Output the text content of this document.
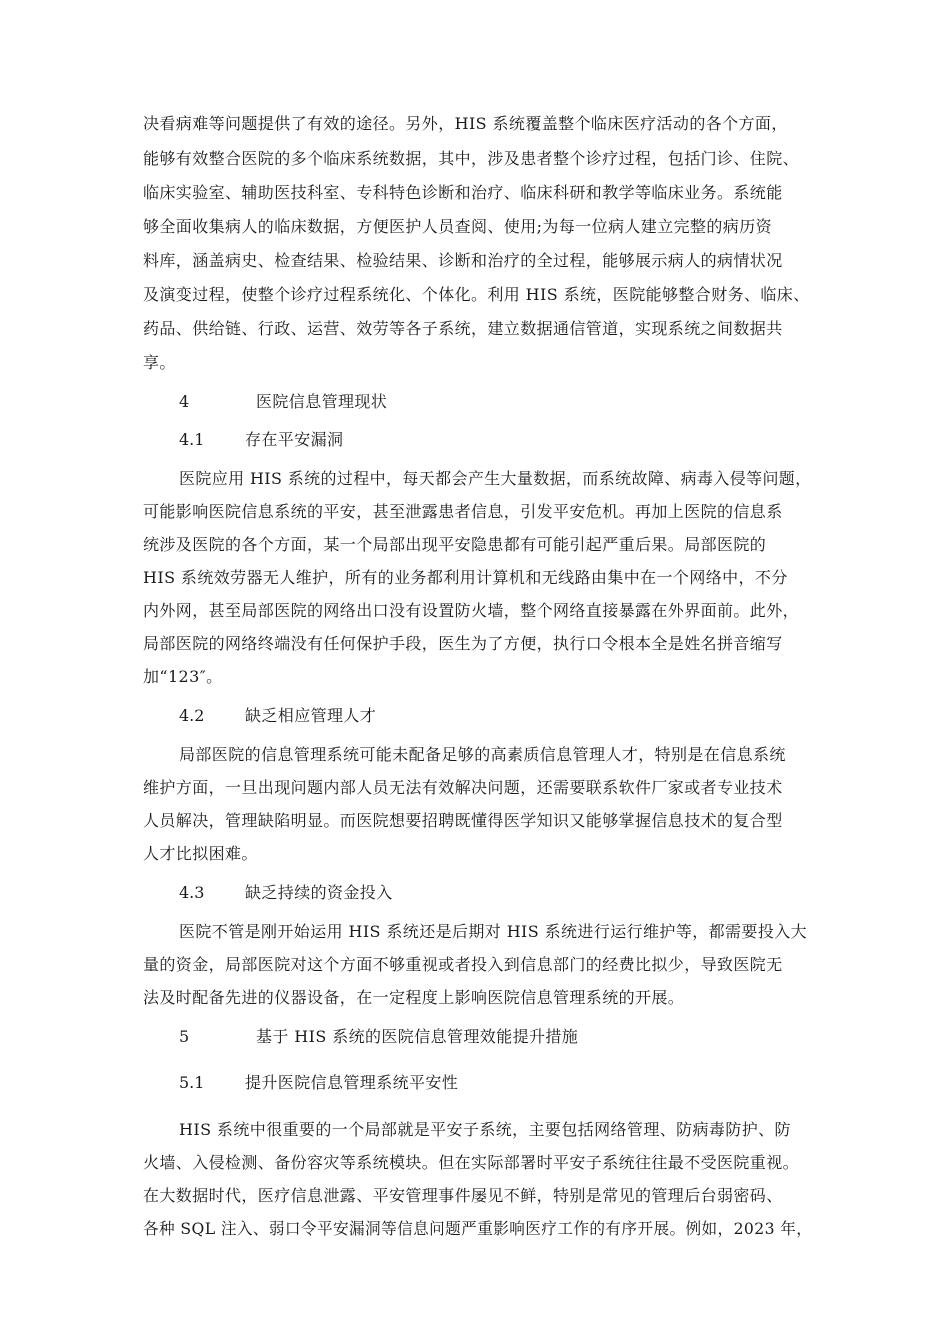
决看病难等问题提供了有效的途径。另外，HIS 系统覆盖整个临床医疗活动的各个方面，
能够有效整合医院的多个临床系统数据，其中，涉及患者整个诊疗过程，包括门诊、住院、
临床实验室、辅助医技科室、专科特色诊断和治疗、临床科研和教学等临床业务。系统能
够全面收集病人的临床数据，方便医护人员查阅、使用;为每一位病人建立完整的病历资
料库，涵盖病史、检查结果、检验结果、诊断和治疗的全过程，能够展示病人的病情状况
及演变过程，使整个诊疗过程系统化、个体化。利用 HIS 系统，医院能够整合财务、临床、
药品、供给链、行政、运营、效劳等各子系统，建立数据通信管道，实现系统之间数据共
享。
4	医院信息管理现状
4.1	存在平安漏洞
医院应用 HIS 系统的过程中，每天都会产生大量数据，而系统故障、病毒入侵等问题，
可能影响医院信息系统的平安，甚至泄露患者信息，引发平安危机。再加上医院的信息系
统涉及医院的各个方面，某一个局部出现平安隐患都有可能引起严重后果。局部医院的
HIS 系统效劳器无人维护，所有的业务都利用计算机和无线路由集中在一个网络中，不分
内外网，甚至局部医院的网络出口没有设置防火墙，整个网络直接暴露在外界面前。此外，
局部医院的网络终端没有任何保护手段，医生为了方便，执行口令根本全是姓名拼音缩写
加“123″。
4.2	缺乏相应管理人才
局部医院的信息管理系统可能未配备足够的高素质信息管理人才，特别是在信息系统
维护方面，一旦出现问题内部人员无法有效解决问题，还需要联系软件厂家或者专业技术
人员解决，管理缺陷明显。而医院想要招聘既懂得医学知识又能够掌握信息技术的复合型
人才比拟困难。
4.3	缺乏持续的资金投入
医院不管是刚开始运用 HIS 系统还是后期对 HIS 系统进行运行维护等，都需要投入大
量的资金，局部医院对这个方面不够重视或者投入到信息部门的经费比拟少，导致医院无
法及时配备先进的仪器设备，在一定程度上影响医院信息管理系统的开展。
5	基于 HIS 系统的医院信息管理效能提升措施
5.1	提升医院信息管理系统平安性
HIS 系统中很重要的一个局部就是平安子系统，主要包括网络管理、防病毒防护、防
火墙、入侵检测、备份容灾等系统模块。但在实际部署时平安子系统往往最不受医院重视。
在大数据时代，医疗信息泄露、平安管理事件屡见不鲜，特别是常见的管理后台弱密码、
各种 SQL 注入、弱口令平安漏洞等信息问题严重影响医疗工作的有序开展。例如，2023 年，
